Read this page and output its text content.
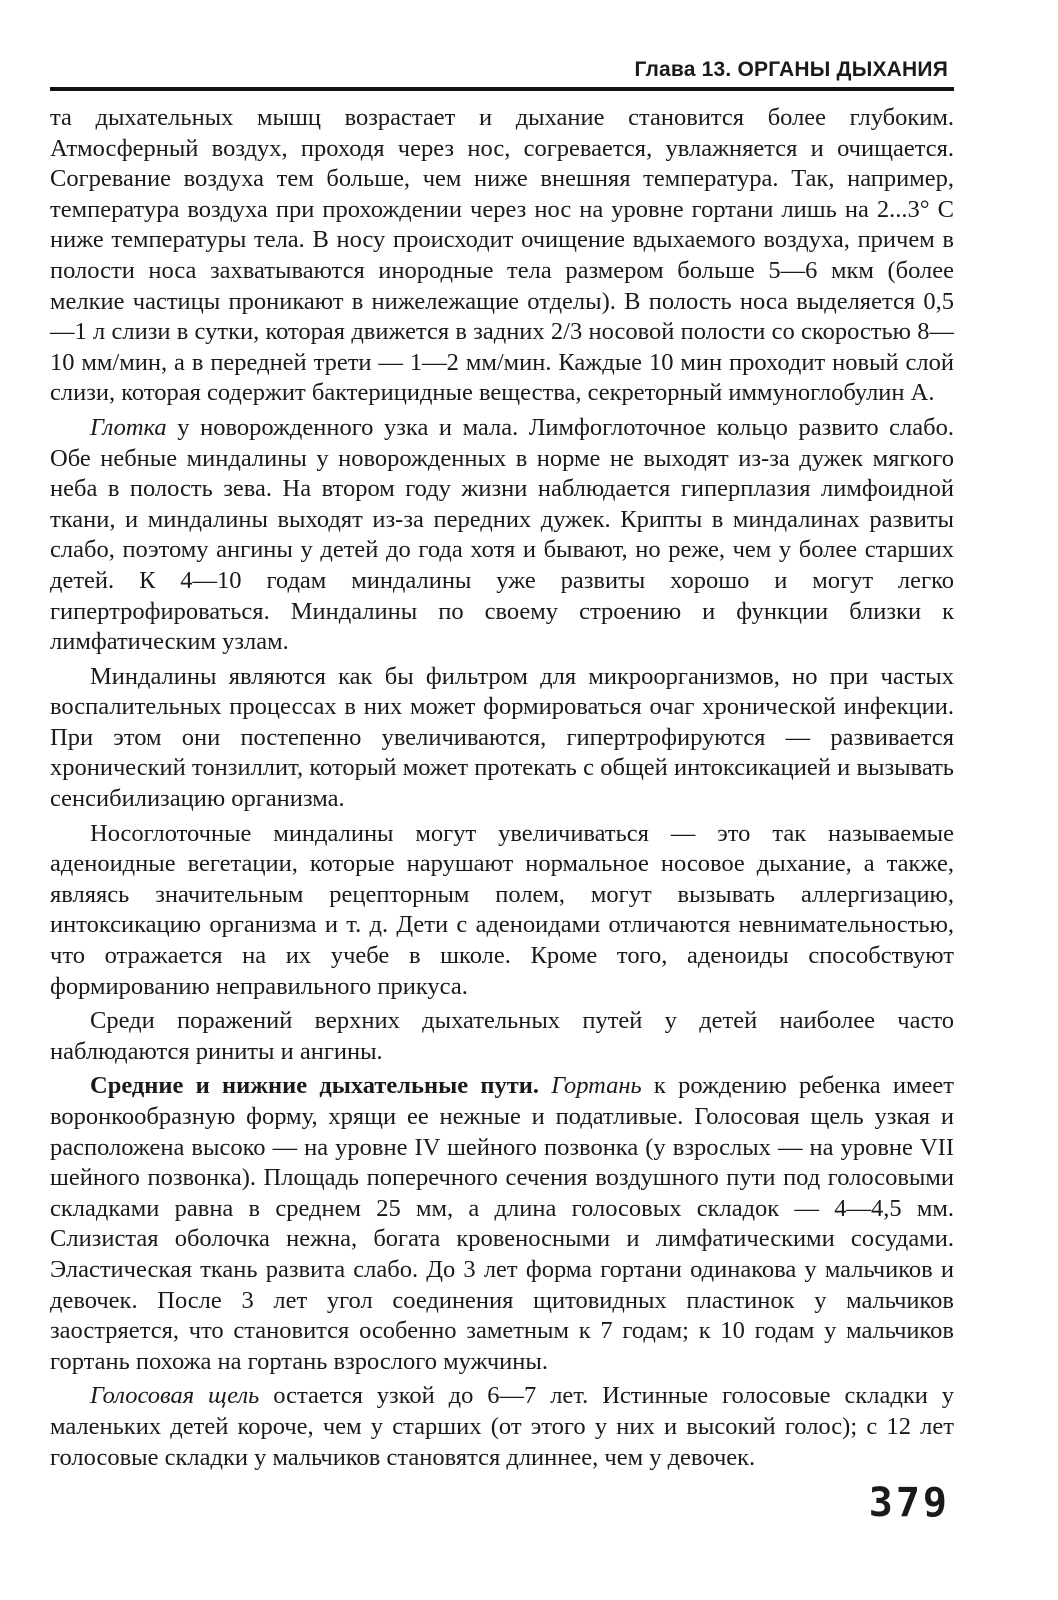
Глава 13. ОРГАНЫ ДЫХАНИЯ

та дыхательных мышц возрастает и дыхание становится более глубоким. Атмосферный воздух, проходя через нос, согревается, увлажняется и очищается. Согревание воздуха тем больше, чем ниже внешняя температура. Так, например, температура воздуха при прохождении через нос на уровне гортани лишь на 2...3° С ниже температуры тела. В носу происходит очищение вдыхаемого воздуха, причем в полости носа захватываются инородные тела размером больше 5—6 мкм (более мелкие частицы проникают в нижележащие отделы). В полость носа выделяется 0,5—1 л слизи в сутки, которая движется в задних 2/3 носовой полости со скоростью 8—10 мм/мин, а в передней трети — 1—2 мм/мин. Каждые 10 мин проходит новый слой слизи, которая содержит бактерицидные вещества, секреторный иммуноглобулин А.

Глотка у новорожденного узка и мала. Лимфоглоточное кольцо развито слабо. Обе небные миндалины у новорожденных в норме не выходят из-за дужек мягкого неба в полость зева. На втором году жизни наблюдается гиперплазия лимфоидной ткани, и миндалины выходят из-за передних дужек. Крипты в миндалинах развиты слабо, поэтому ангины у детей до года хотя и бывают, но реже, чем у более старших детей. К 4—10 годам миндалины уже развиты хорошо и могут легко гипертрофироваться. Миндалины по своему строению и функции близки к лимфатическим узлам.

Миндалины являются как бы фильтром для микроорганизмов, но при частых воспалительных процессах в них может формироваться очаг хронической инфекции. При этом они постепенно увеличиваются, гипертрофируются — развивается хронический тонзиллит, который может протекать с общей интоксикацией и вызывать сенсибилизацию организма.

Носоглоточные миндалины могут увеличиваться — это так называемые аденоидные вегетации, которые нарушают нормальное носовое дыхание, а также, являясь значительным рецепторным полем, могут вызывать аллергизацию, интоксикацию организма и т. д. Дети с аденоидами отличаются невнимательностью, что отражается на их учебе в школе. Кроме того, аденоиды способствуют формированию неправильного прикуса.

Среди поражений верхних дыхательных путей у детей наиболее часто наблюдаются риниты и ангины.

Средние и нижние дыхательные пути. Гортань к рождению ребенка имеет воронкообразную форму, хрящи ее нежные и податливые. Голосовая щель узкая и расположена высоко — на уровне IV шейного позвонка (у взрослых — на уровне VII шейного позвонка). Площадь поперечного сечения воздушного пути под голосовыми складками равна в среднем 25 мм, а длина голосовых складок — 4—4,5 мм. Слизистая оболочка нежна, богата кровеносными и лимфатическими сосудами. Эластическая ткань развита слабо. До 3 лет форма гортани одинакова у мальчиков и девочек. После 3 лет угол соединения щитовидных пластинок у мальчиков заостряется, что становится особенно заметным к 7 годам; к 10 годам у мальчиков гортань похожа на гортань взрослого мужчины.

Голосовая щель остается узкой до 6—7 лет. Истинные голосовые складки у маленьких детей короче, чем у старших (от этого у них и высокий голос); с 12 лет голосовые складки у мальчиков становятся длиннее, чем у девочек.

379
